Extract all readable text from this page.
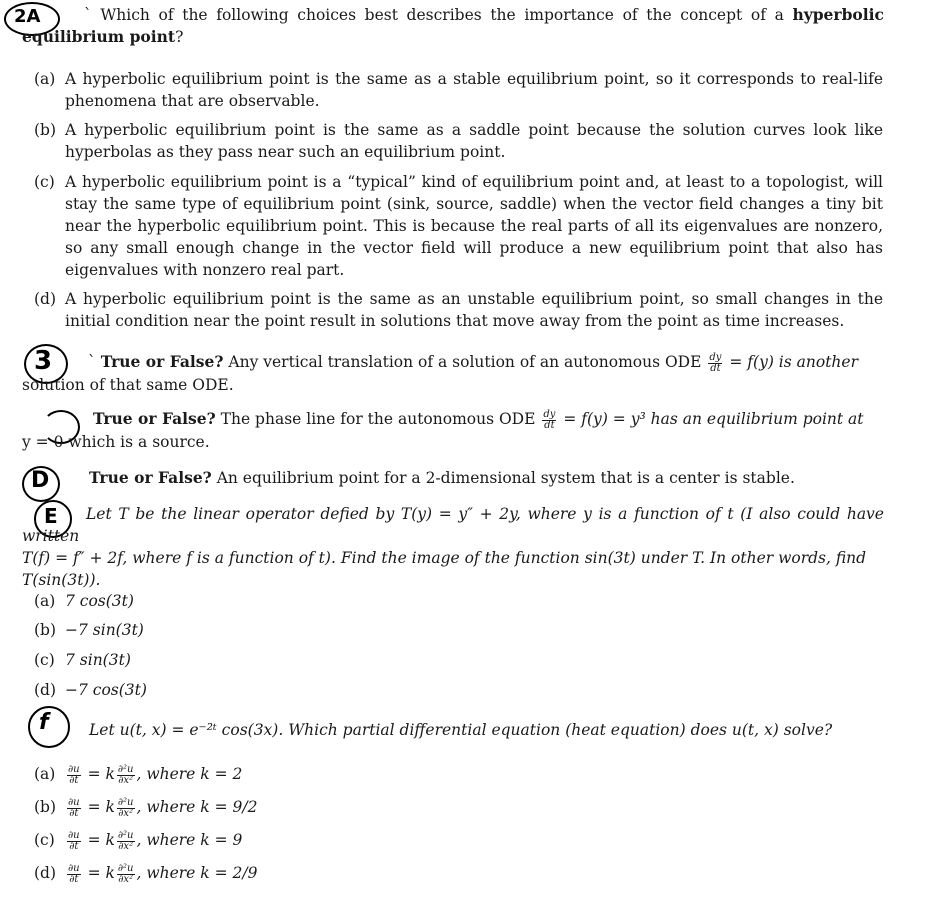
2A	` Which of the following choices best describes the importance of the concept of a hyperbolic equilibrium point?
(a) A hyperbolic equilibrium point is the same as a stable equilibrium point, so it corresponds to real-life phenomena that are observable.
(b) A hyperbolic equilibrium point is the same as a saddle point because the solution curves look like hyperbolas as they pass near such an equilibrium point.
(c) A hyperbolic equilibrium point is a “typical” kind of equilibrium point and, at least to a topologist, will stay the same type of equilibrium point (sink, source, saddle) when the vector field changes a tiny bit near the hyperbolic equilibrium point. This is because the real parts of all its eigenvalues are nonzero, so any small enough change in the vector field will produce a new equilibrium point that also has eigenvalues with nonzero real part.
(d) A hyperbolic equilibrium point is the same as an unstable equilibrium point, so small changes in the initial condition near the point result in solutions that move away from the point as time increases.
3	` True or False? Any vertical translation of a solution of an autonomous ODE $\frac{dy}{dt} = f(y)$ is another
solution of that same ODE.
True or False? The phase line for the autonomous ODE $\frac{dy}{dt} = f(y) = y^3$ has an equilibrium point at
y = 0 which is a source.
D	True or False? An equilibrium point for a 2-dimensional system that is a center is stable.
E	Let T be the linear operator defied by T(y) = y″ + 2y, where y is a function of t (I also could have written
T(f) = f″ + 2f, where f is a function of t). Find the image of the function sin(3t) under T. In other words, find
T(sin(3t)).
(a) 7 cos(3t)
(b) −7 sin(3t)
(c) 7 sin(3t)
(d) −7 cos(3t)
f	Let u(t, x) = e⁻²ᵗ cos(3x). Which partial differential equation (heat equation) does u(t, x) solve?
$(a) \frac{\partial u}{\partial t} = k \frac{\text{∂²u}}{\text{∂x²}}$ , where k = 2
$(b) \frac{\partial u}{\partial t} = k \frac{\text{∂²u}}{\text{∂x²}}$ , where k = 9/2
$(c) \frac{\partial u}{\partial t} = k \frac{\text{∂²u}}{\text{∂x²}}$ , where k = 9
$(d) \frac{\partial u}{\partial t} = k \frac{\text{∂²u}}{\text{∂x²}}$ , where k = 2/9
